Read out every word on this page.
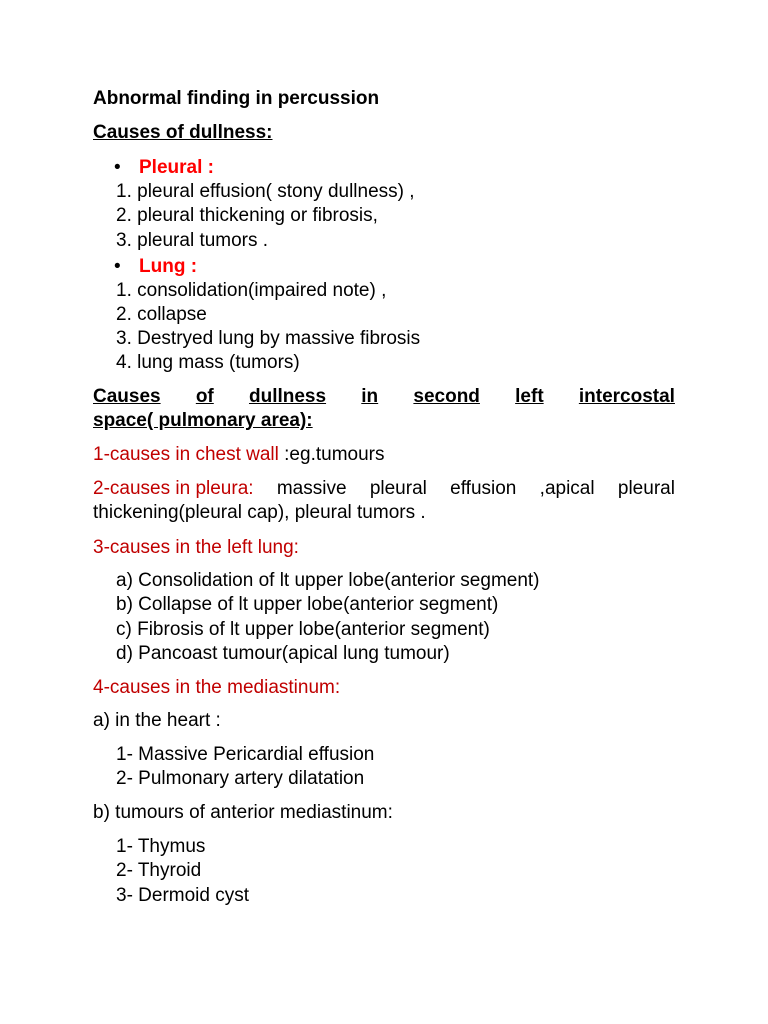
Abnormal finding in percussion
Causes of dullness:
• Pleural :
1. pleural effusion( stony dullness) ,
2. pleural thickening or fibrosis,
3. pleural tumors .
• Lung :
1. consolidation(impaired note) ,
2. collapse
3. Destryed lung by massive fibrosis
4. lung mass (tumors)
Causes of dullness in second left intercostal
space( pulmonary area):
1-causes in chest wall :eg.tumours
2-causes in pleura: massive pleural effusion ,apical pleural
thickening(pleural cap), pleural tumors .
3-causes in the left lung:
a) Consolidation of lt upper lobe(anterior segment)
b) Collapse of lt upper lobe(anterior segment)
c) Fibrosis of lt upper lobe(anterior segment)
d) Pancoast tumour(apical lung tumour)
4-causes in the mediastinum:
a) in the heart :
1- Massive Pericardial effusion
2- Pulmonary artery dilatation
b) tumours of anterior mediastinum:
1- Thymus
2- Thyroid
3- Dermoid cyst
